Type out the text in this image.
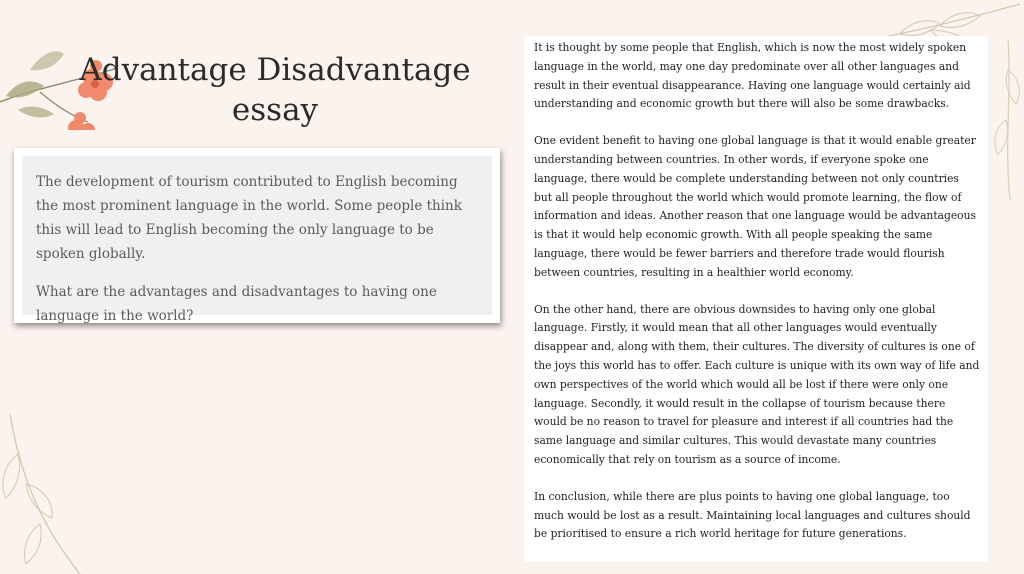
Advantage Disadvantage
essay

The development of tourism contributed to English becoming the most prominent language in the world. Some people think this will lead to English becoming the only language to be spoken globally.

What are the advantages and disadvantages to having one language in the world?

It is thought by some people that English, which is now the most widely spoken language in the world, may one day predominate over all other languages and result in their eventual disappearance. Having one language would certainly aid understanding and economic growth but there will also be some drawbacks.

One evident benefit to having one global language is that it would enable greater understanding between countries. In other words, if everyone spoke one language, there would be complete understanding between not only countries but all people throughout the world which would promote learning, the flow of information and ideas. Another reason that one language would be advantageous is that it would help economic growth. With all people speaking the same language, there would be fewer barriers and therefore trade would flourish between countries, resulting in a healthier world economy.

On the other hand, there are obvious downsides to having only one global language. Firstly, it would mean that all other languages would eventually disappear and, along with them, their cultures. The diversity of cultures is one of the joys this world has to offer. Each culture is unique with its own way of life and own perspectives of the world which would all be lost if there were only one language. Secondly, it would result in the collapse of tourism because there would be no reason to travel for pleasure and interest if all countries had the same language and similar cultures. This would devastate many countries economically that rely on tourism as a source of income.

In conclusion, while there are plus points to having one global language, too much would be lost as a result. Maintaining local languages and cultures should be prioritised to ensure a rich world heritage for future generations.
